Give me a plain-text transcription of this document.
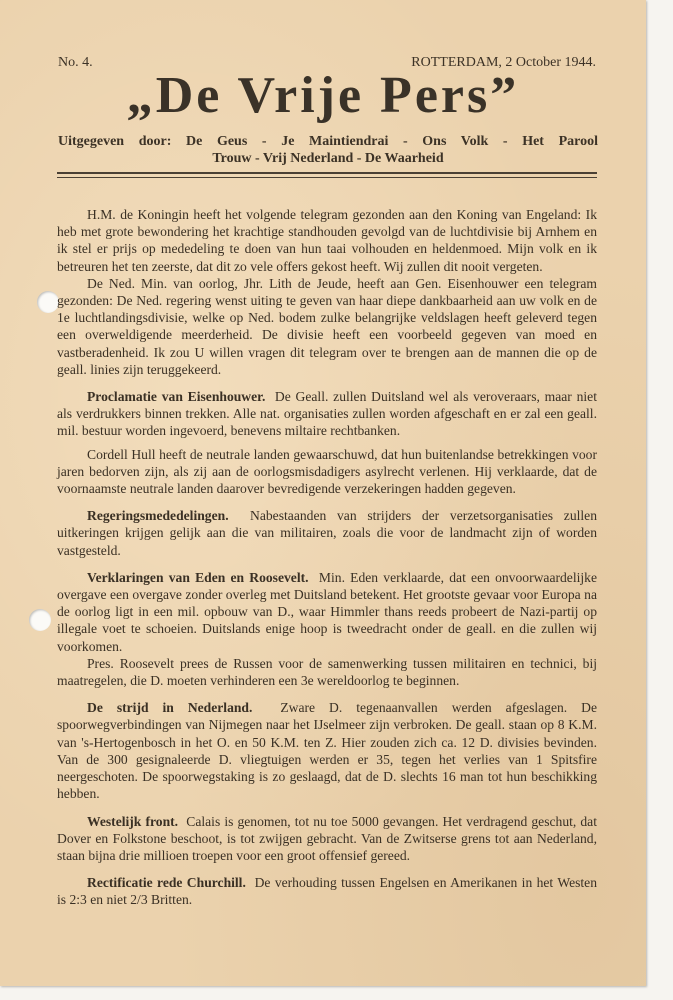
No. 4.	ROTTERDAM, 2 October 1944.
„De Vrije Pers”
Uitgegeven door: De Geus - Je Maintiendrai - Ons Volk - Het Parool
Trouw - Vrij Nederland - De Waarheid

H.M. de Koningin heeft het volgende telegram gezonden aan den Koning van Engeland: Ik heb met grote bewondering het krachtige standhouden gevolgd van de luchtdivisie bij Arnhem en ik stel er prijs op mededeling te doen van hun taai volhouden en heldenmoed. Mijn volk en ik betreuren het ten zeerste, dat dit zo vele offers gekost heeft. Wij zullen dit nooit vergeten.

De Ned. Min. van oorlog, Jhr. Lith de Jeude, heeft aan Gen. Eisenhouwer een telegram gezonden: De Ned. regering wenst uiting te geven van haar diepe dankbaarheid aan uw volk en de 1e luchtlandingsdivisie, welke op Ned. bodem zulke belangrijke veldslagen heeft geleverd tegen een overweldigende meerderheid. De divisie heeft een voorbeeld gegeven van moed en vastberadenheid. Ik zou U willen vragen dit telegram over te brengen aan de mannen die op de geall. linies zijn teruggekeerd.

Proclamatie van Eisenhouwer. De Geall. zullen Duitsland wel als veroveraars, maar niet als verdrukkers binnen trekken. Alle nat. organisaties zullen worden afgeschaft en er zal een geall. mil. bestuur worden ingevoerd, benevens miltaire rechtbanken.

Cordell Hull heeft de neutrale landen gewaarschuwd, dat hun buitenlandse betrekkingen voor jaren bedorven zijn, als zij aan de oorlogsmisdadigers asylrecht verlenen. Hij verklaarde, dat de voornaamste neutrale landen daarover bevredigende verzekeringen hadden gegeven.

Regeringsmededelingen. Nabestaanden van strijders der verzetsorganisaties zullen uitkeringen krijgen gelijk aan die van militairen, zoals die voor de landmacht zijn of worden vastgesteld.

Verklaringen van Eden en Roosevelt. Min. Eden verklaarde, dat een onvoorwaardelijke overgave een overgave zonder overleg met Duitsland betekent. Het grootste gevaar voor Europa na de oorlog ligt in een mil. opbouw van D., waar Himmler thans reeds probeert de Nazi-partij op illegale voet te schoeien. Duitslands enige hoop is tweedracht onder de geall. en die zullen wij voorkomen.

Pres. Roosevelt prees de Russen voor de samenwerking tussen militairen en technici, bij maatregelen, die D. moeten verhinderen een 3e wereldoorlog te beginnen.

De strijd in Nederland. Zware D. tegenaanvallen werden afgeslagen. De spoorwegverbindingen van Nijmegen naar het IJselmeer zijn verbroken. De geall. staan op 8 K.M. van 's-Hertogenbosch in het O. en 50 K.M. ten Z. Hier zouden zich ca. 12 D. divisies bevinden. Van de 300 gesignaleerde D. vliegtuigen werden er 35, tegen het verlies van 1 Spitsfire neergeschoten. De spoorwegstaking is zo geslaagd, dat de D. slechts 16 man tot hun beschikking hebben.

Westelijk front. Calais is genomen, tot nu toe 5000 gevangen. Het verdragend geschut, dat Dover en Folkstone beschoot, is tot zwijgen gebracht. Van de Zwitserse grens tot aan Nederland, staan bijna drie millioen troepen voor een groot offensief gereed.

Rectificatie rede Churchill. De verhouding tussen Engelsen en Amerikanen in het Westen is 2:3 en niet 2/3 Britten.
